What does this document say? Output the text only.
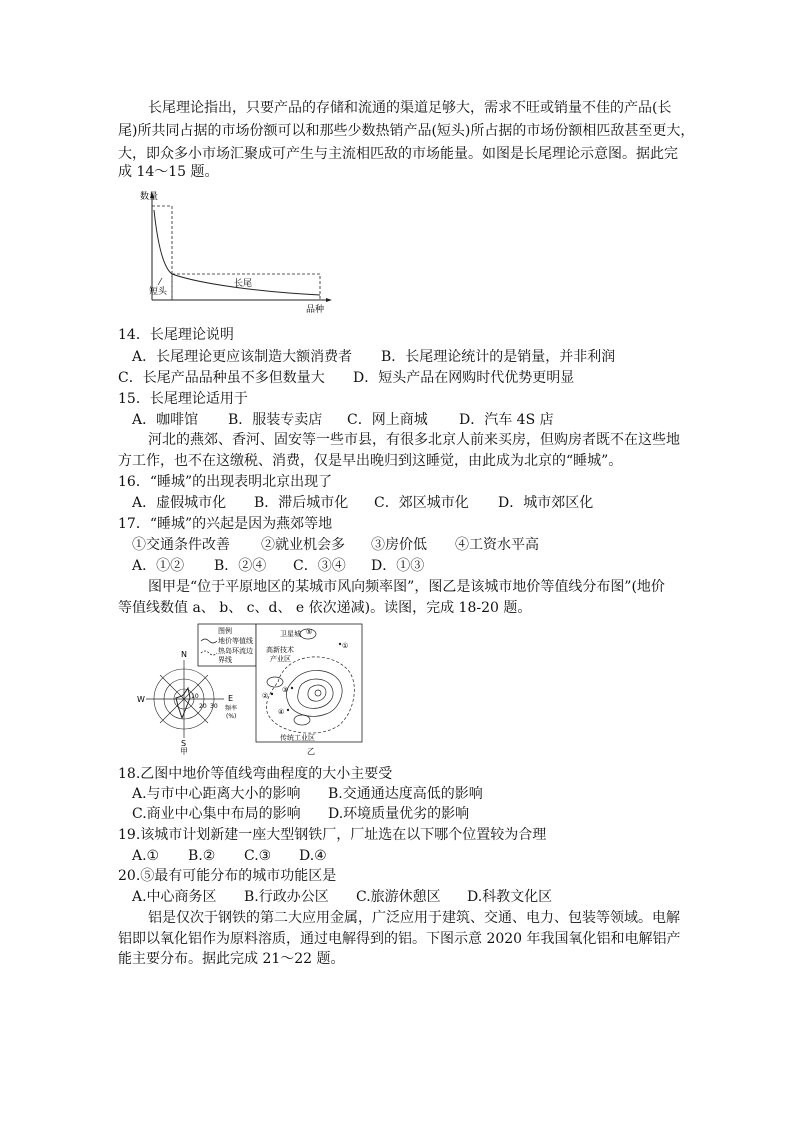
长尾理论指出，只要产品的存储和流通的渠道足够大，需求不旺或销量不佳的产品(长
尾)所共同占据的市场份额可以和那些少数热销产品(短头)所占据的市场份额相匹敌甚至更大，
大，即众多小市场汇聚成可产生与主流相匹敌的市场能量。如图是长尾理论示意图。据此完
成 14～15 题。
数量
品种
短头
长尾
14．长尾理论说明
A．长尾理论更应该制造大额消费者 B．长尾理论统计的是销量，并非利润
C．长尾产品品种虽不多但数量大 D．短头产品在网购时代优势更明显
15．长尾理论适用于
A．咖啡馆 B．服装专卖店 C．网上商城 D．汽车 4S 店
河北的燕郊、香河、固安等一些市县，有很多北京人前来买房，但购房者既不在这些地
方工作，也不在这缴税、消费，仅是早出晚归到这睡觉，由此成为北京的“睡城”。
16．“睡城”的出现表明北京出现了
A．虚假城市化 B．滞后城市化 C．郊区城市化 D．城市郊区化
17．“睡城”的兴起是因为燕郊等地
①交通条件改善 ②就业机会多 ③房价低 ④工资水平高
A．①② B．②④ C．③④ D．①③
图甲是“位于平原地区的某城市风向频率图”，图乙是该城市地价等值线分布图”(地价
等值线数值 a、 b、 c、d、 e 依次递减)。读图，完成 18-20 题。
图例
地价等值线
热岛环流边
界线
N
S
W	E
10
20 30 频率
(%)
甲
卫星城
高新技术
产业区
传统工业区
①
②
③
④
⑤
乙
18.乙图中地价等值线弯曲程度的大小主要受
A.与市中心距离大小的影响 B.交通通达度高低的影响
C.商业中心集中布局的影响 D.环境质量优劣的影响
19.该城市计划新建一座大型钢铁厂，厂址选在以下哪个位置较为合理
A.① B.② C.③ D.④
20.⑤最有可能分布的城市功能区是
A.中心商务区 B.行政办公区 C.旅游休憩区 D.科教文化区
铝是仅次于钢铁的第二大应用金属，广泛应用于建筑、交通、电力、包装等领域。电解
铝即以氧化铝作为原料溶质，通过电解得到的铝。下图示意 2020 年我国氧化铝和电解铝产
能主要分布。据此完成 21～22 题。
